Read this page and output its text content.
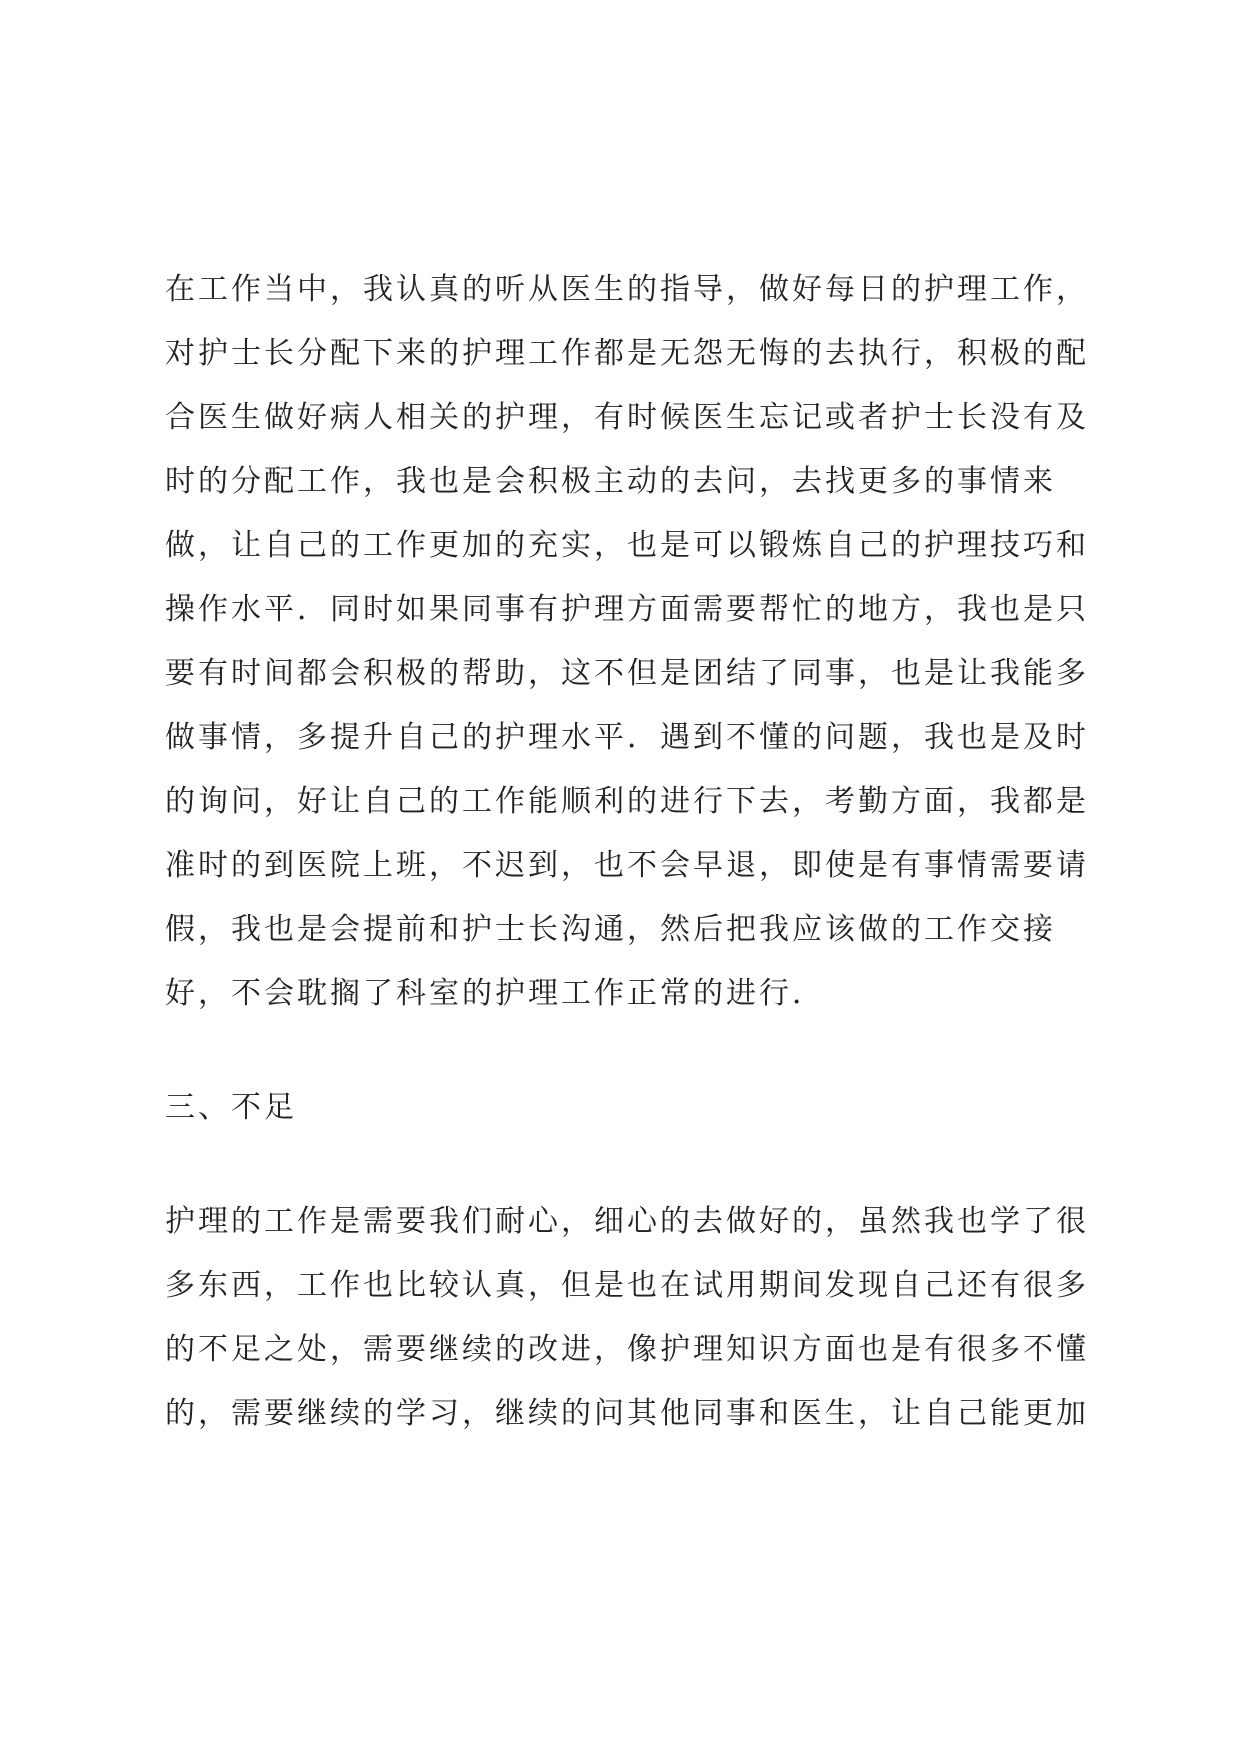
在工作当中，我认真的听从医生的指导，做好每日的护理工作，
对护士长分配下来的护理工作都是无怨无悔的去执行，积极的配
合医生做好病人相关的护理，有时候医生忘记或者护士长没有及
时的分配工作，我也是会积极主动的去问，去找更多的事情来
做，让自己的工作更加的充实，也是可以锻炼自己的护理技巧和
操作水平．同时如果同事有护理方面需要帮忙的地方，我也是只
要有时间都会积极的帮助，这不但是团结了同事，也是让我能多
做事情，多提升自己的护理水平．遇到不懂的问题，我也是及时
的询问，好让自己的工作能顺利的进行下去，考勤方面，我都是
准时的到医院上班，不迟到，也不会早退，即使是有事情需要请
假，我也是会提前和护士长沟通，然后把我应该做的工作交接
好，不会耽搁了科室的护理工作正常的进行．
三、不足
护理的工作是需要我们耐心，细心的去做好的，虽然我也学了很
多东西，工作也比较认真，但是也在试用期间发现自己还有很多
的不足之处，需要继续的改进，像护理知识方面也是有很多不懂
的，需要继续的学习，继续的问其他同事和医生，让自己能更加
